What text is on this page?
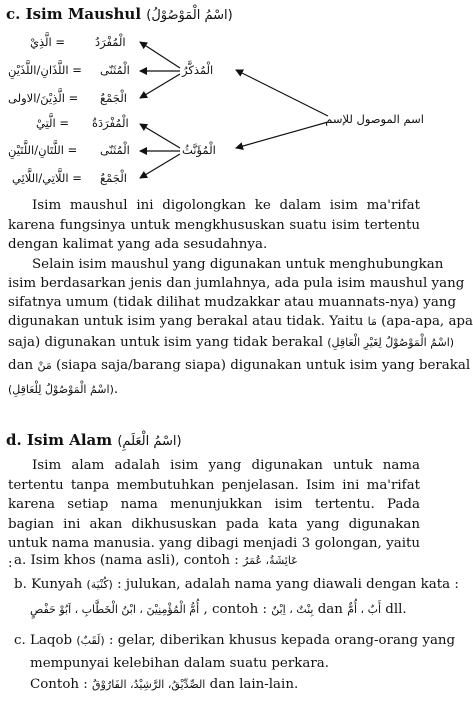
c. Isim Maushul (اسْمُ الْمَوْصُوْلُ)
اسم الموصول للإسم
الْمُذكَّرُ
الْمُؤَنَّثُ
الْمُفْرَدُ
= الَّذِيْ
الْمُثَنّى
= اللَّذَانِ/اللَّذَيْنِ
الْجَمْعُ
= الَّذِيْنَ/الاولى
الْمُفْرَدَةُ
= الَّتِيْ
الْمُثَنّى
= اللَّتَانِ/اللَّتَيْنِ
الْجَمْعُ
= اللَّاتِي/اللَّائِي

Isim maushul ini digolongkan ke dalam isim ma'rifat karena fungsinya untuk mengkhususkan suatu isim tertentu dengan kalimat yang ada sesudahnya.

Selain isim maushul yang digunakan untuk menghubungkan
isim berdasarkan jenis dan jumlahnya, ada pula isim maushul yang
sifatnya umum (tidak dilihat mudzakkar atau muannats-nya) yang
digunakan untuk isim yang berakal atau tidak. Yaitu مَا (apa-apa, apa
saja) digunakan untuk isim yang tidak berakal (اسْمُ الْمَوْصُوْلُ لِغَيْرِ الْعَاقِلِ)
dan مَنْ (siapa saja/barang siapa) digunakan untuk isim yang berakal
(اسْمُ الْمَوْصُوْلُ لِلْعَاقِلِ).
d. Isim Alam (اسْمُ الْعَلَمِ)

Isim alam adalah isim yang digunakan untuk nama tertentu tanpa membutuhkan penjelasan. Isim ini ma'rifat karena setiap nama menunjukkan isim tertentu. Pada bagian ini akan dikhususkan pada kata yang digunakan untuk nama manusia. yang dibagi menjadi 3 golongan, yaitu : a. Isim khos (nama asli), contoh : عَائِشَةُ، عُمَرُ
b. Kunyah (كُنْيَة) : julukan, adalah nama yang diawali dengan kata :
أُمُّ الْمُؤْمِنِيْنَ ، ابْنُ الْخَطَّابِ ، اَبُوْ حَفْصٍ , contoh : بِنْتٌ ، اِبْنٌ dan أَبٌ ، أُمٌّ dll.
c. Laqob (لَقَبٌ) : gelar, diberikan khusus kepada orang-orang yang
mempunyai kelebihan dalam suatu perkara.
Contoh : الصِّدِّيْقُ، الرَّشِيْدُ، الفَارُوْقُ dan lain-lain.
